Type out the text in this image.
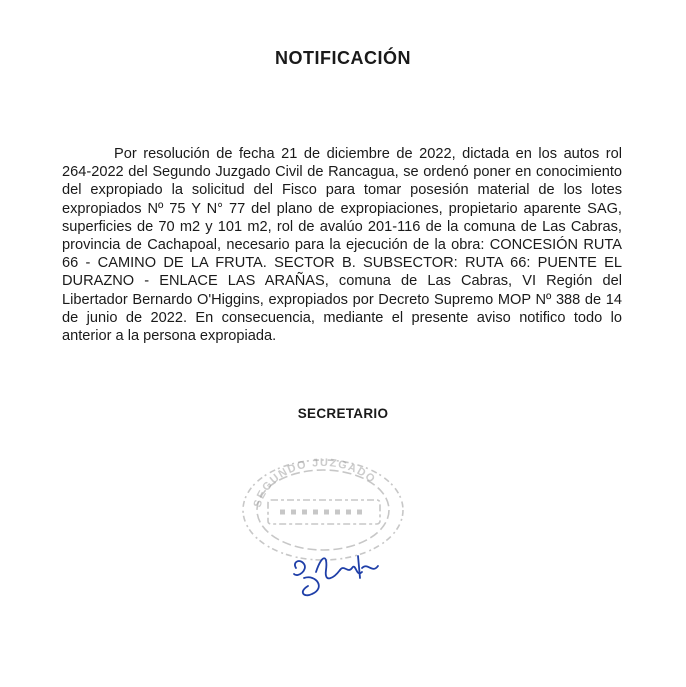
NOTIFICACIÓN

Por resolución de fecha 21 de diciembre de 2022, dictada en los autos rol 264-2022 del Segundo Juzgado Civil de Rancagua, se ordenó poner en conocimiento del expropiado la solicitud del Fisco para tomar posesión material de los lotes expropiados Nº 75 Y N° 77 del plano de expropiaciones, propietario aparente SAG, superficies de 70 m2 y 101 m2, rol de avalúo 201-116 de la comuna de Las Cabras, provincia de Cachapoal, necesario para la ejecución de la obra: CONCESIÓN RUTA 66 - CAMINO DE LA FRUTA. SECTOR B. SUBSECTOR: RUTA 66: PUENTE EL DURAZNO - ENLACE LAS ARAÑAS, comuna de Las Cabras, VI Región del Libertador Bernardo O'Higgins, expropiados por Decreto Supremo MOP Nº 388 de 14 de junio de 2022. En consecuencia, mediante el presente aviso notifico todo lo anterior a la persona expropiada.

SECRETARIO
SEGUNDO JUZGADO
